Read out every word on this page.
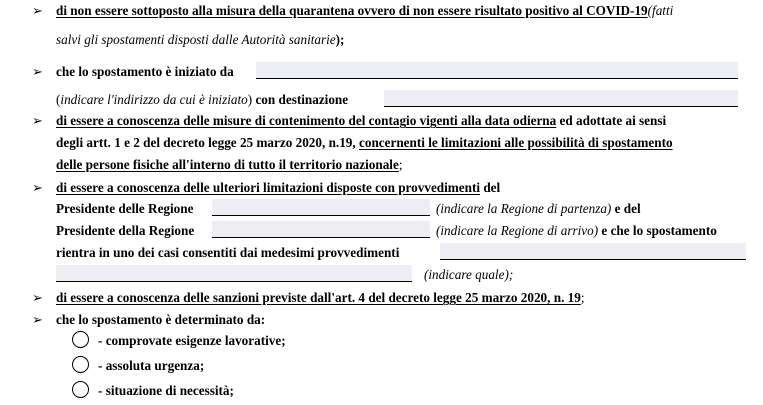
➢ di non essere sottoposto alla misura della quarantena ovvero di non essere risultato positivo al COVID-19(fatti
salvi gli spostamenti disposti dalle Autorità sanitarie);
➢ che lo spostamento è iniziato da
(indicare l'indirizzo da cui è iniziato) con destinazione
➢ di essere a conoscenza delle misure di contenimento del contagio vigenti alla data odierna ed adottate ai sensi
degli artt. 1 e 2 del decreto legge 25 marzo 2020, n.19, concernenti le limitazioni alle possibilità di spostamento
delle persone fisiche all'interno di tutto il territorio nazionale;
➢ di essere a conoscenza delle ulteriori limitazioni disposte con provvedimenti del
Presidente delle Regione	(indicare la Regione di partenza) e del
Presidente della Regione	(indicare la Regione di arrivo) e che lo spostamento
rientra in uno dei casi consentiti dai medesimi provvedimenti
(indicare quale);
➢ di essere a conoscenza delle sanzioni previste dall'art. 4 del decreto legge 25 marzo 2020, n. 19;
➢ che lo spostamento è determinato da:
- comprovate esigenze lavorative;
- assoluta urgenza;
- situazione di necessità;
